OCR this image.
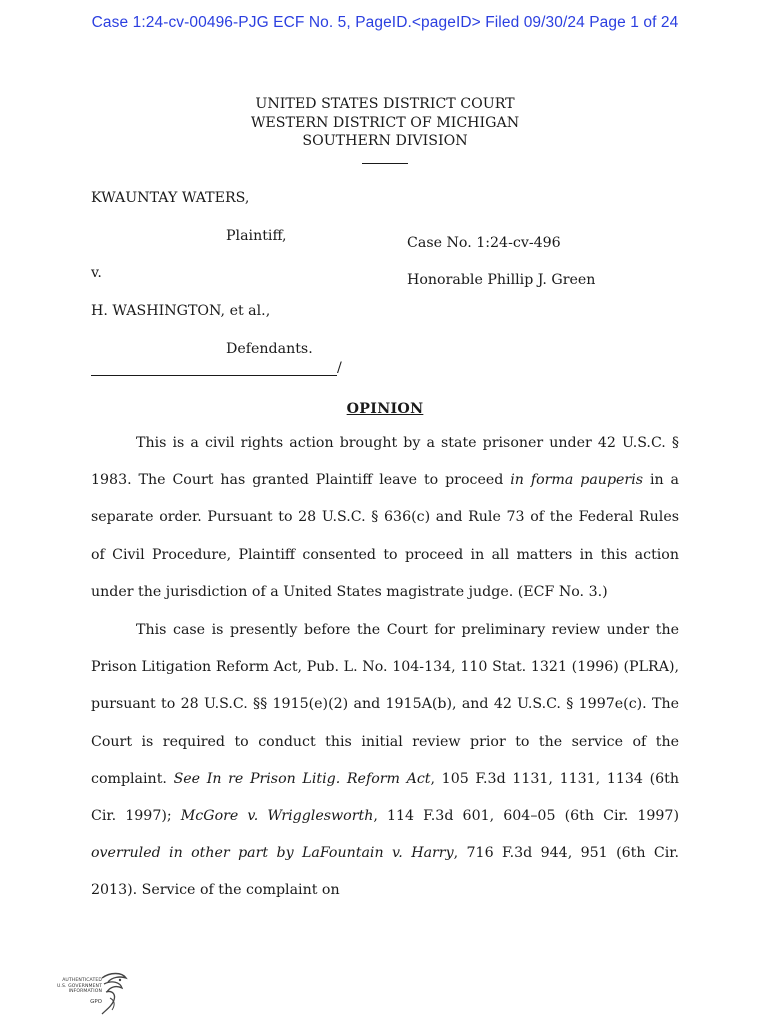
Case 1:24-cv-00496-PJG ECF No. 5, PageID.<pageID> Filed 09/30/24 Page 1 of 24
UNITED STATES DISTRICT COURT
WESTERN DISTRICT OF MICHIGAN
SOUTHERN DIVISION
KWAUNTAY WATERS,
Plaintiff,	Case No. 1:24-cv-496
v.	Honorable Phillip J. Green
H. WASHINGTON, et al.,
Defendants.
/
OPINION

This is a civil rights action brought by a state prisoner under 42 U.S.C. § 1983. The Court has granted Plaintiff leave to proceed in forma pauperis in a separate order. Pursuant to 28 U.S.C. § 636(c) and Rule 73 of the Federal Rules of Civil Procedure, Plaintiff consented to proceed in all matters in this action under the jurisdiction of a United States magistrate judge. (ECF No. 3.)

This case is presently before the Court for preliminary review under the Prison Litigation Reform Act, Pub. L. No. 104-134, 110 Stat. 1321 (1996) (PLRA), pursuant to 28 U.S.C. §§ 1915(e)(2) and 1915A(b), and 42 U.S.C. § 1997e(c). The Court is required to conduct this initial review prior to the service of the complaint. See In re Prison Litig. Reform Act, 105 F.3d 1131, 1131, 1134 (6th Cir. 1997); McGore v. Wrigglesworth, 114 F.3d 601, 604–05 (6th Cir. 1997) overruled in other part by LaFountain v. Harry, 716 F.3d 944, 951 (6th Cir. 2013). Service of the complaint on

AUTHENTICATED
U.S. GOVERNMENT
INFORMATION
GPO
